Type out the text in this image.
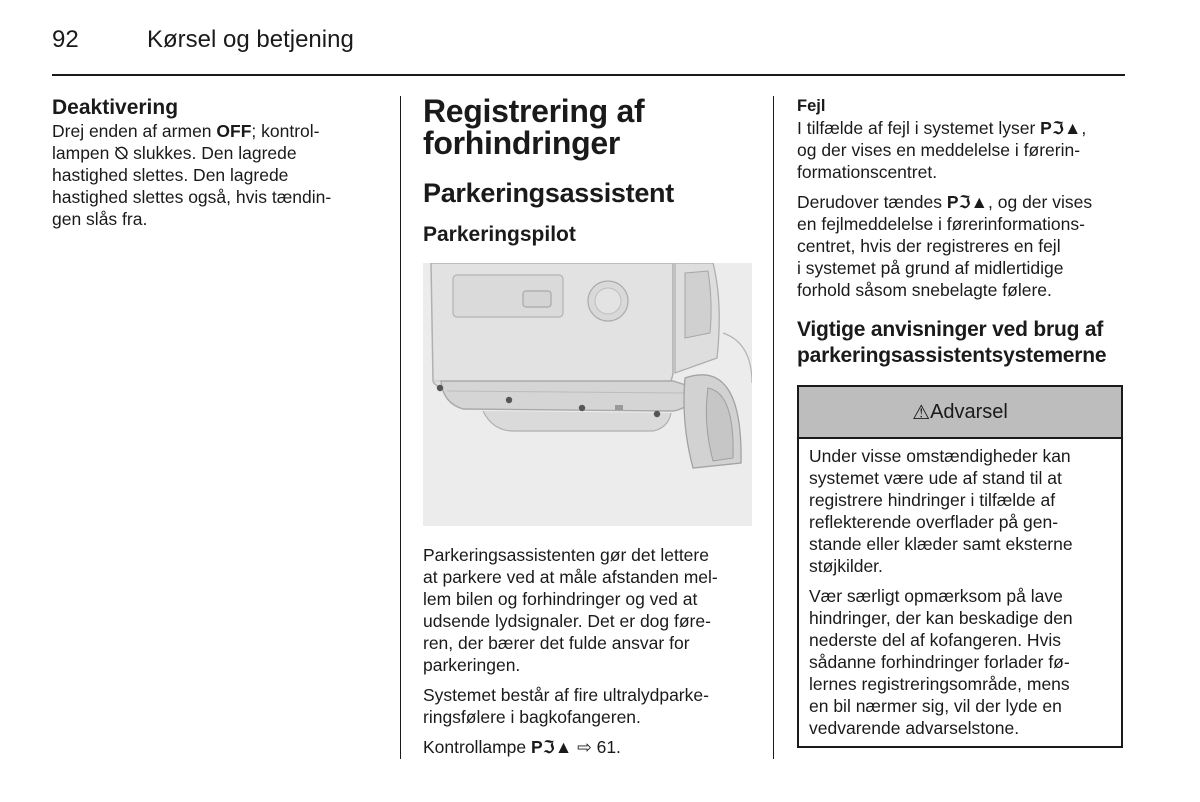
92	Kørsel og betjening
Deaktivering
Drej enden af armen OFF; kontrol-
lampen ⦰ slukkes. Den lagrede
hastighed slettes. Den lagrede
hastighed slettes også, hvis tændin-
gen slås fra.
Registrering af
forhindringer
Parkeringsassistent
Parkeringspilot

Parkeringsassistenten gør det lettere
at parkere ved at måle afstanden mel-
lem bilen og forhindringer og ved at
udsende lydsignaler. Det er dog føre-
ren, der bærer det fulde ansvar for
parkeringen.

Systemet består af fire ultralydparke-
ringsfølere i bagkofangeren.

Kontrollampe Pℑ▲ ⇨ 61.

Fejl

I tilfælde af fejl i systemet lyser Pℑ▲,
og der vises en meddelelse i førerin-
formationscentret.

Derudover tændes Pℑ▲, og der vises
en fejlmeddelelse i førerinformations-
centret, hvis der registreres en fejl
i systemet på grund af midlertidige
forhold såsom snebelagte følere.

Vigtige anvisninger ved brug af
parkeringsassistentsystemerne
⚠ Advarsel

Under visse omstændigheder kan
systemet være ude af stand til at
registrere hindringer i tilfælde af
reflekterende overflader på gen-
stande eller klæder samt eksterne
støjkilder.

Vær særligt opmærksom på lave
hindringer, der kan beskadige den
nederste del af kofangeren. Hvis
sådanne forhindringer forlader fø-
lernes registreringsområde, mens
en bil nærmer sig, vil der lyde en
vedvarende advarselstone.
